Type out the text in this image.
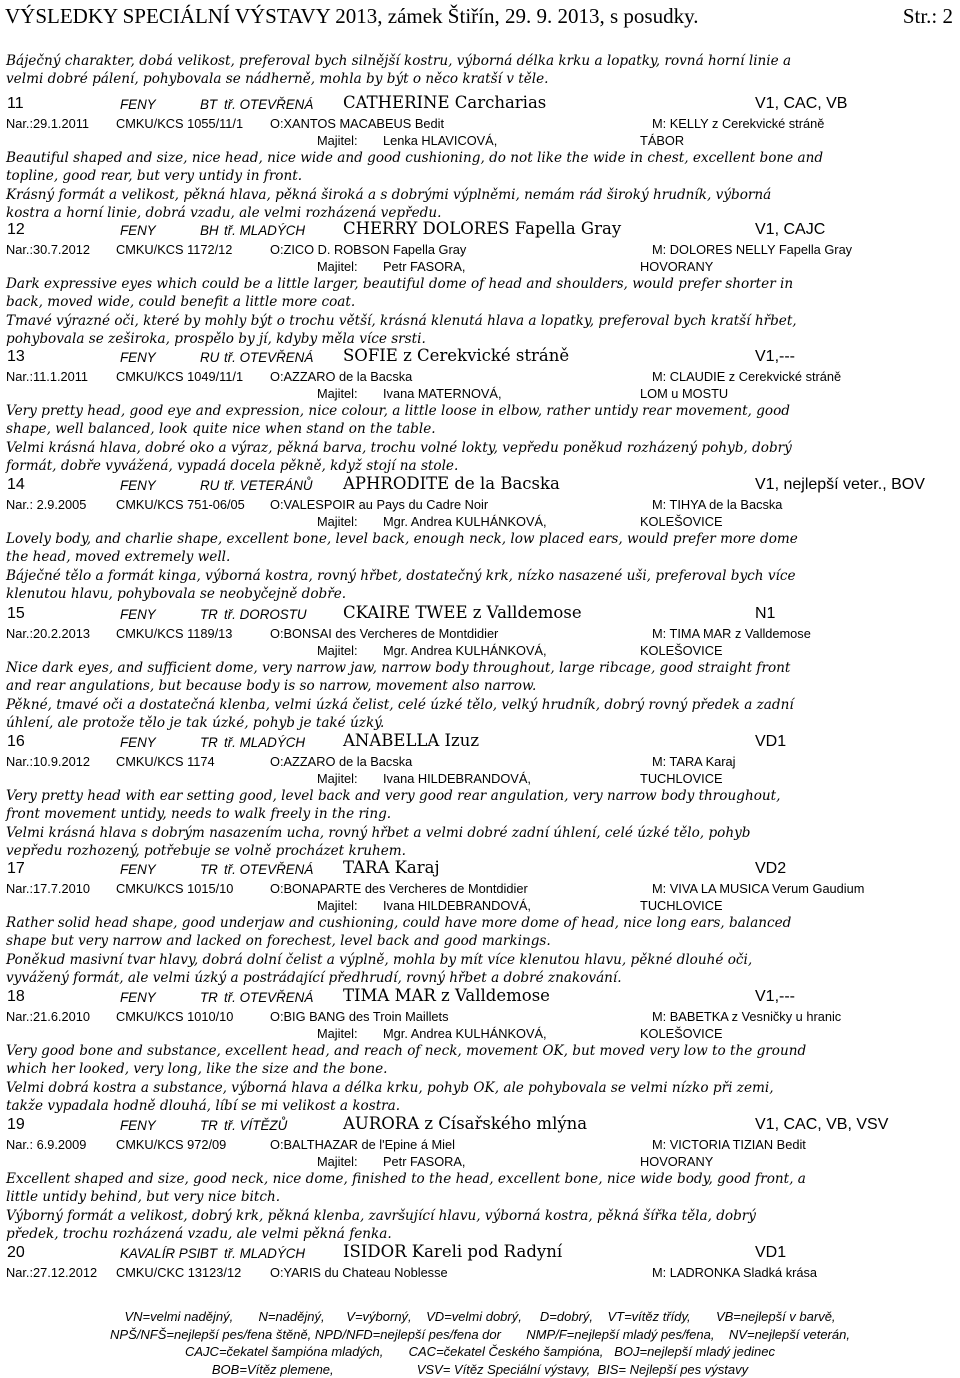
VÝSLEDKY SPECIÁLNÍ VÝSTAVY 2013, zámek Štiřín, 29. 9. 2013, s posudky.	Str.: 2
Báječný charakter, dobá velikost, preferoval bych silnější kostru, výborná délka krku a lopatky, rovná horní linie a
velmi dobré pálení, pohybovala se nádherně, mohla by být o něco kratší v těle.
11	FENY	BT tř. OTEVŘENÁ CATHERINE Carcharias	V1, CAC, VB
Nar.:29.1.2011 CMKU/KCS 1055/11/1 O:XANTOS MACABEUS Bedit	M: KELLY z Cerekvické stráně
Majitel: Lenka HLAVICOVÁ,	TÁBOR
Beautiful shaped and size, nice head, nice wide and good cushioning, do not like the wide in chest, excellent bone and
topline, good rear, but very untidy in front.
Krásný formát a velikost, pěkná hlava, pěkná široká a s dobrými výplněmi, nemám rád široký hrudník, výborná
kostra a horní linie, dobrá vzadu, ale velmi rozházená vepředu.
12	FENY	BH tř. MLADÝCH CHERRY DOLORES Fapella Gray	V1, CAJC
Nar.:30.7.2012 CMKU/KCS 1172/12	O:ZICO D. ROBSON Fapella Gray	M: DOLORES NELLY Fapella Gray
Majitel: Petr FASORA,	HOVORANY
Dark expressive eyes which could be a little larger, beautiful dome of head and shoulders, would prefer shorter in
back, moved wide, could benefit a little more coat.
Tmavé výrazné oči, které by mohly být o trochu větší, krásná klenutá hlava a lopatky, preferoval bych kratší hřbet,
pohybovala se zeširoka, prospělo by jí, kdyby měla více srsti.
13	FENY	RU tř. OTEVŘENÁ SOFIE z Cerekvické stráně	V1,---
Nar.:11.1.2011 CMKU/KCS 1049/11/1 O:AZZARO de la Bacska	M: CLAUDIE z Cerekvické stráně
Majitel: Ivana MATERNOVÁ,	LOM u MOSTU
Very pretty head, good eye and expression, nice colour, a little loose in elbow, rather untidy rear movement, good
shape, well balanced, look quite nice when stand on the table.
Velmi krásná hlava, dobré oko a výraz, pěkná barva, trochu volné lokty, vepředu poněkud rozházený pohyb, dobrý
formát, dobře vyvážená, vypadá docela pěkně, když stojí na stole.
14	FENY	RU tř. VETERÁNŮ APHRODITE de la Bacska	V1, nejlepší veter., BOV
Nar.: 2.9.2005 CMKU/KCS 751-06/05 O:VALESPOIR au Pays du Cadre Noir	M: TIHYA de la Bacska
Majitel: Mgr. Andrea KULHÁNKOVÁ,	KOLEŠOVICE
Lovely body, and charlie shape, excellent bone, level back, enough neck, low placed ears, would prefer more dome
the head, moved extremely well.
Báječné tělo a formát kinga, výborná kostra, rovný hřbet, dostatečný krk, nízko nasazené uši, preferoval bych více
klenutou hlavu, pohybovala se neobyčejně dobře.
15	FENY	TR tř. DOROSTU CKAIRE TWEE z Valldemose	N1
Nar.:20.2.2013 CMKU/KCS 1189/13	O:BONSAI des Vercheres de Montdidier	M: TIMA MAR z Valldemose
Majitel: Mgr. Andrea KULHÁNKOVÁ,	KOLEŠOVICE
Nice dark eyes, and sufficient dome, very narrow jaw, narrow body throughout, large ribcage, good straight front
and rear angulations, but because body is so narrow, movement also narrow.
Pěkné, tmavé oči a dostatečná klenba, velmi úzká čelist, celé úzké tělo, velký hrudník, dobrý rovný předek a zadní
úhlení, ale protože tělo je tak úzké, pohyb je také úzký.
16	FENY	TR tř. MLADÝCH ANABELLA Izuz	VD1
Nar.:10.9.2012 CMKU/KCS 1174	O:AZZARO de la Bacska	M: TARA Karaj
Majitel: Ivana HILDEBRANDOVÁ,	TUCHLOVICE
Very pretty head with ear setting good, level back and very good rear angulation, very narrow body throughout,
front movement untidy, needs to walk freely in the ring.
Velmi krásná hlava s dobrým nasazením ucha, rovný hřbet a velmi dobré zadní úhlení, celé úzké tělo, pohyb
vepředu rozhozený, potřebuje se volně procházet kruhem.
17	FENY	TR tř. OTEVŘENÁ TARA Karaj	VD2
Nar.:17.7.2010 CMKU/KCS 1015/10	O:BONAPARTE des Vercheres de Montdidier	M: VIVA LA MUSICA Verum Gaudium
Majitel: Ivana HILDEBRANDOVÁ,	TUCHLOVICE
Rather solid head shape, good underjaw and cushioning, could have more dome of head, nice long ears, balanced
shape but very narrow and lacked on forechest, level back and good markings.
Poněkud masivní tvar hlavy, dobrá dolní čelist a výplně, mohla by mít více klenutou hlavu, pěkné dlouhé oči,
vyvážený formát, ale velmi úzký a postrádající předhrudí, rovný hřbet a dobré znakování.
18	FENY	TR tř. OTEVŘENÁ TIMA MAR z Valldemose	V1,---
Nar.:21.6.2010 CMKU/KCS 1010/10	O:BIG BANG des Troin Maillets	M: BABETKA z Vesničky u hranic
Majitel: Mgr. Andrea KULHÁNKOVÁ,	KOLEŠOVICE
Very good bone and substance, excellent head, and reach of neck, movement OK, but moved very low to the ground
which her looked, very long, like the size and the bone.
Velmi dobrá kostra a substance, výborná hlava a délka krku, pohyb OK, ale pohybovala se velmi nízko při zemi,
takže vypadala hodně dlouhá, líbí se mi velikost a kostra.
19	FENY	TR tř. VÍTĚZŮ	AURORA z Císařského mlýna	V1, CAC, VB, VSV
Nar.: 6.9.2009 CMKU/KCS 972/09	O:BALTHAZAR de l'Epine á Miel	M: VICTORIA TIZIAN Bedit
Majitel: Petr FASORA,	HOVORANY
Excellent shaped and size, good neck, nice dome, finished to the head, excellent bone, nice wide body, good front, a
little untidy behind, but very nice bitch.
Výborný formát a velikost, dobrý krk, pěkná klenba, završující hlavu, výborná kostra, pěkná šířka těla, dobrý
předek, trochu rozházená vzadu, ale velmi pěkná fenka.
20	KAVALÍR PSI BT tř. MLADÝCH ISIDOR Kareli pod Radyní	VD1
Nar.:27.12.2012 CMKU/CKC 13123/12 O:YARIS du Chateau Noblesse	M: LADRONKA Sladká krása
VN=velmi nadějný,       N=nadějný,      V=výborný,    VD=velmi dobrý,     D=dobrý,    VT=vítěz třídy,       VB=nejlepší v barvě,
NPŠ/NFŠ=nejlepší pes/fena štěně, NPD/NFD=nejlepší pes/fena dor       NMP/F=nejlepší mladý pes/fena,    NV=nejlepší veterán,
CAJC=čekatel šampióna mladých,       CAC=čekatel Českého šampióna,   BOJ=nejlepší mladý jedinec
BOB=Vítěz plemene,                       VSV= Vítěz Speciální výstavy,  BIS= Nejlepší pes výstavy
